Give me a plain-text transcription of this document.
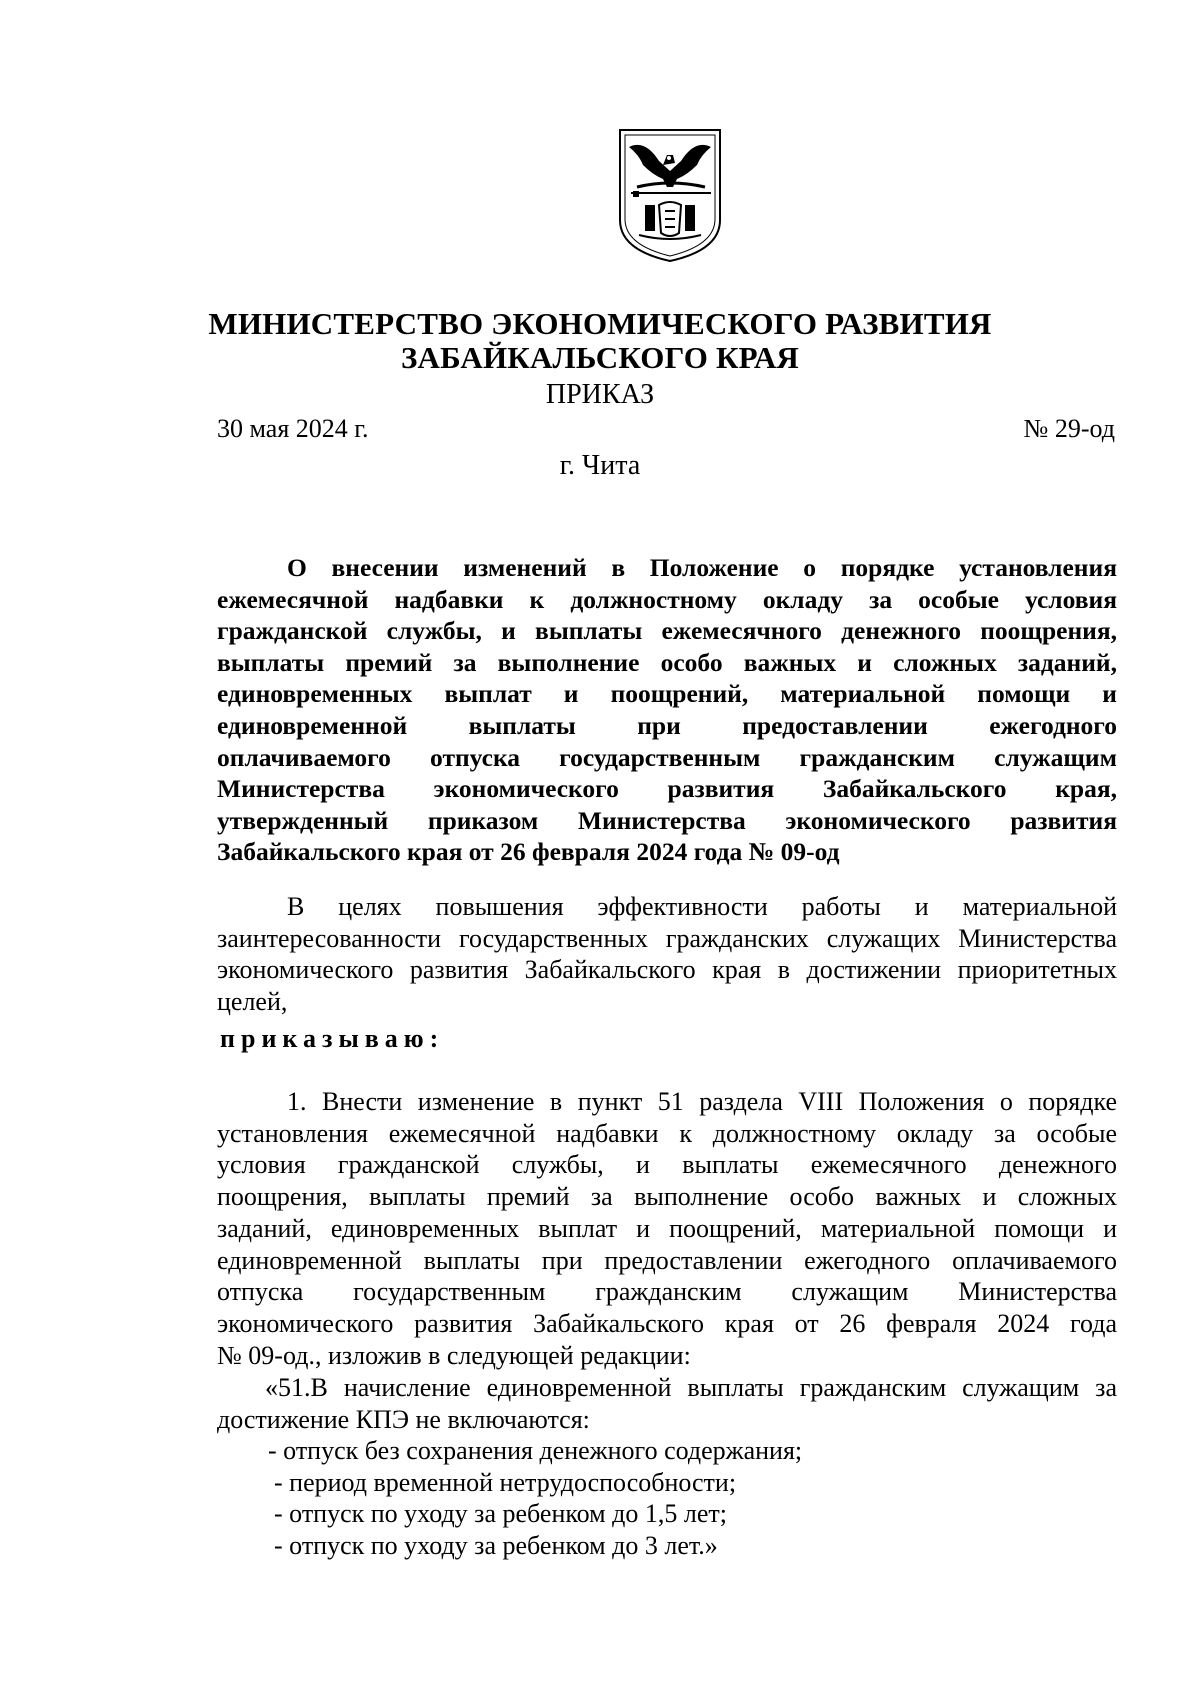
МИНИСТЕРСТВО ЭКОНОМИЧЕСКОГО РАЗВИТИЯ
ЗАБАЙКАЛЬСКОГО КРАЯ
ПРИКАЗ
30 мая 2024 г.	№ 29-од
г. Чита
О внесении изменений в Положение о порядке установления
ежемесячной надбавки к должностному окладу за особые условия
гражданской службы, и выплаты ежемесячного денежного поощрения,
выплаты премий за выполнение особо важных и сложных заданий,
единовременных выплат и поощрений, материальной помощи и
единовременной выплаты при предоставлении ежегодного
оплачиваемого отпуска государственным гражданским служащим
Министерства экономического развития Забайкальского края,
утвержденный приказом Министерства экономического развития
Забайкальского края от 26 февраля 2024 года № 09-од
В целях повышения эффективности работы и материальной
заинтересованности государственных гражданских служащих Министерства
экономического развития Забайкальского края в достижении приоритетных
целей,
приказываю:
1. Внести изменение в пункт 51 раздела VIII Положения о порядке
установления ежемесячной надбавки к должностному окладу за особые
условия гражданской службы, и выплаты ежемесячного денежного
поощрения, выплаты премий за выполнение особо важных и сложных
заданий, единовременных выплат и поощрений, материальной помощи и
единовременной выплаты при предоставлении ежегодного оплачиваемого
отпуска государственным гражданским служащим Министерства
экономического развития Забайкальского края от 26 февраля 2024 года
№ 09-од., изложив в следующей редакции:
«51.В начисление единовременной выплаты гражданским служащим за
достижение КПЭ не включаются:
- отпуск без сохранения денежного содержания;
- период временной нетрудоспособности;
- отпуск по уходу за ребенком до 1,5 лет;
- отпуск по уходу за ребенком до 3 лет.»
